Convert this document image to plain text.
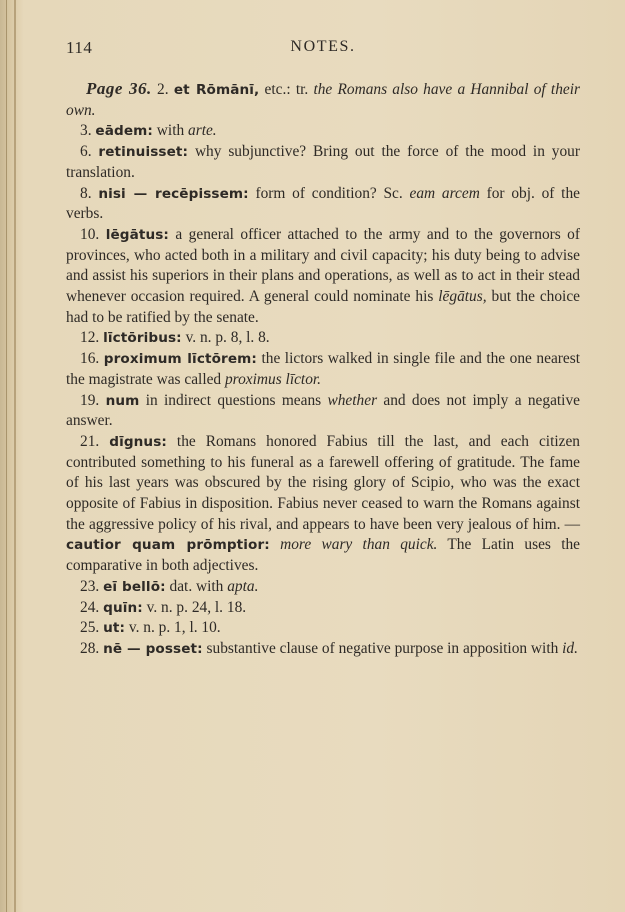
114	NOTES.

Page 36. 2. et Rōmānī, etc.: tr. the Romans also have a Hannibal of their own.

3. eādem: with arte.

6. retinuisset: why subjunctive? Bring out the force of the mood in your translation.

8. nisi — recēpissem: form of condition? Sc. eam arcem for obj. of the verbs.

10. lēgātus: a general officer attached to the army and to the governors of provinces, who acted both in a military and civil capacity; his duty being to advise and assist his superiors in their plans and operations, as well as to act in their stead whenever occasion required. A general could nominate his lēgātus, but the choice had to be ratified by the senate.

12. līctōribus: v. n. p. 8, l. 8.

16. proximum līctōrem: the lictors walked in single file and the one nearest the magistrate was called proximus līctor.

19. num in indirect questions means whether and does not imply a negative answer.

21. dīgnus: the Romans honored Fabius till the last, and each citizen contributed something to his funeral as a farewell offering of gratitude. The fame of his last years was obscured by the rising glory of Scipio, who was the exact opposite of Fabius in disposition. Fabius never ceased to warn the Romans against the aggressive policy of his rival, and appears to have been very jealous of him. — cautior quam prōmptior: more wary than quick. The Latin uses the comparative in both adjectives.

23. eī bellō: dat. with apta.

24. quīn: v. n. p. 24, l. 18.

25. ut: v. n. p. 1, l. 10.

28. nē — posset: substantive clause of negative purpose in apposition with id.
